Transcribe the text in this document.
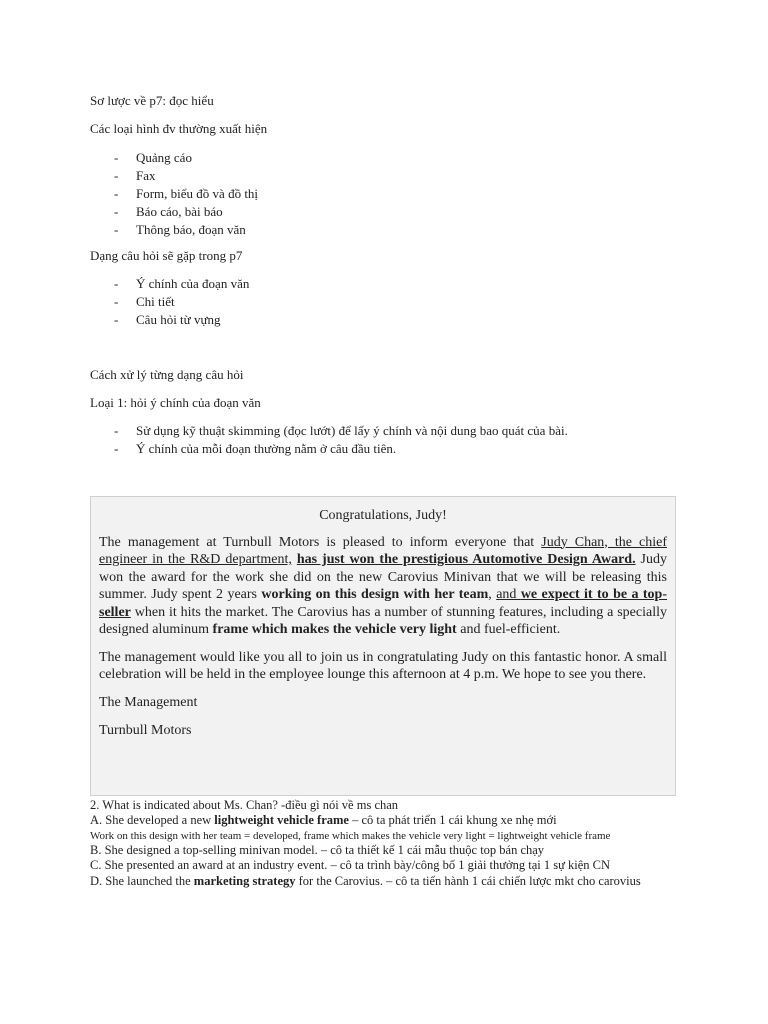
Sơ lược về p7: đọc hiểu
Các loại hình đv thường xuất hiện
- Quảng cáo
- Fax
- Form, biểu đồ và đồ thị
- Báo cáo, bài báo
- Thông báo, đoạn văn
Dạng câu hỏi sẽ gặp trong p7
- Ý chính của đoạn văn
- Chi tiết
- Câu hỏi từ vựng
Cách xử lý từng dạng câu hỏi
Loại 1: hỏi ý chính của đoạn văn
- Sử dụng kỹ thuật skimming (đọc lướt) để lấy ý chính và nội dung bao quát của bài.
- Ý chính của mỗi đoạn thường nằm ở câu đầu tiên.
Congratulations, Judy!

The management at Turnbull Motors is pleased to inform everyone that Judy Chan, the chief engineer in the R&D department, has just won the prestigious Automotive Design Award. Judy won the award for the work she did on the new Carovius Minivan that we will be releasing this summer. Judy spent 2 years working on this design with her team, and we expect it to be a top-seller when it hits the market. The Carovius has a number of stunning features, including a specially designed aluminum frame which makes the vehicle very light and fuel-efficient.

The management would like you all to join us in congratulating Judy on this fantastic honor. A small celebration will be held in the employee lounge this afternoon at 4 p.m. We hope to see you there.

The Management

Turnbull Motors

2. What is indicated about Ms. Chan? -điều gì nói về ms chan
A. She developed a new lightweight vehicle frame – cô ta phát triển 1 cái khung xe nhẹ mới
Work on this design with her team = developed, frame which makes the vehicle very light = lightweight vehicle frame
B. She designed a top-selling minivan model. – cô ta thiết kế 1 cái mẫu thuộc top bán chạy
C. She presented an award at an industry event. – cô ta trình bày/công bố 1 giải thưởng tại 1 sự kiện CN
D. She launched the marketing strategy for the Carovius. – cô ta tiến hành 1 cái chiến lược mkt cho carovius
